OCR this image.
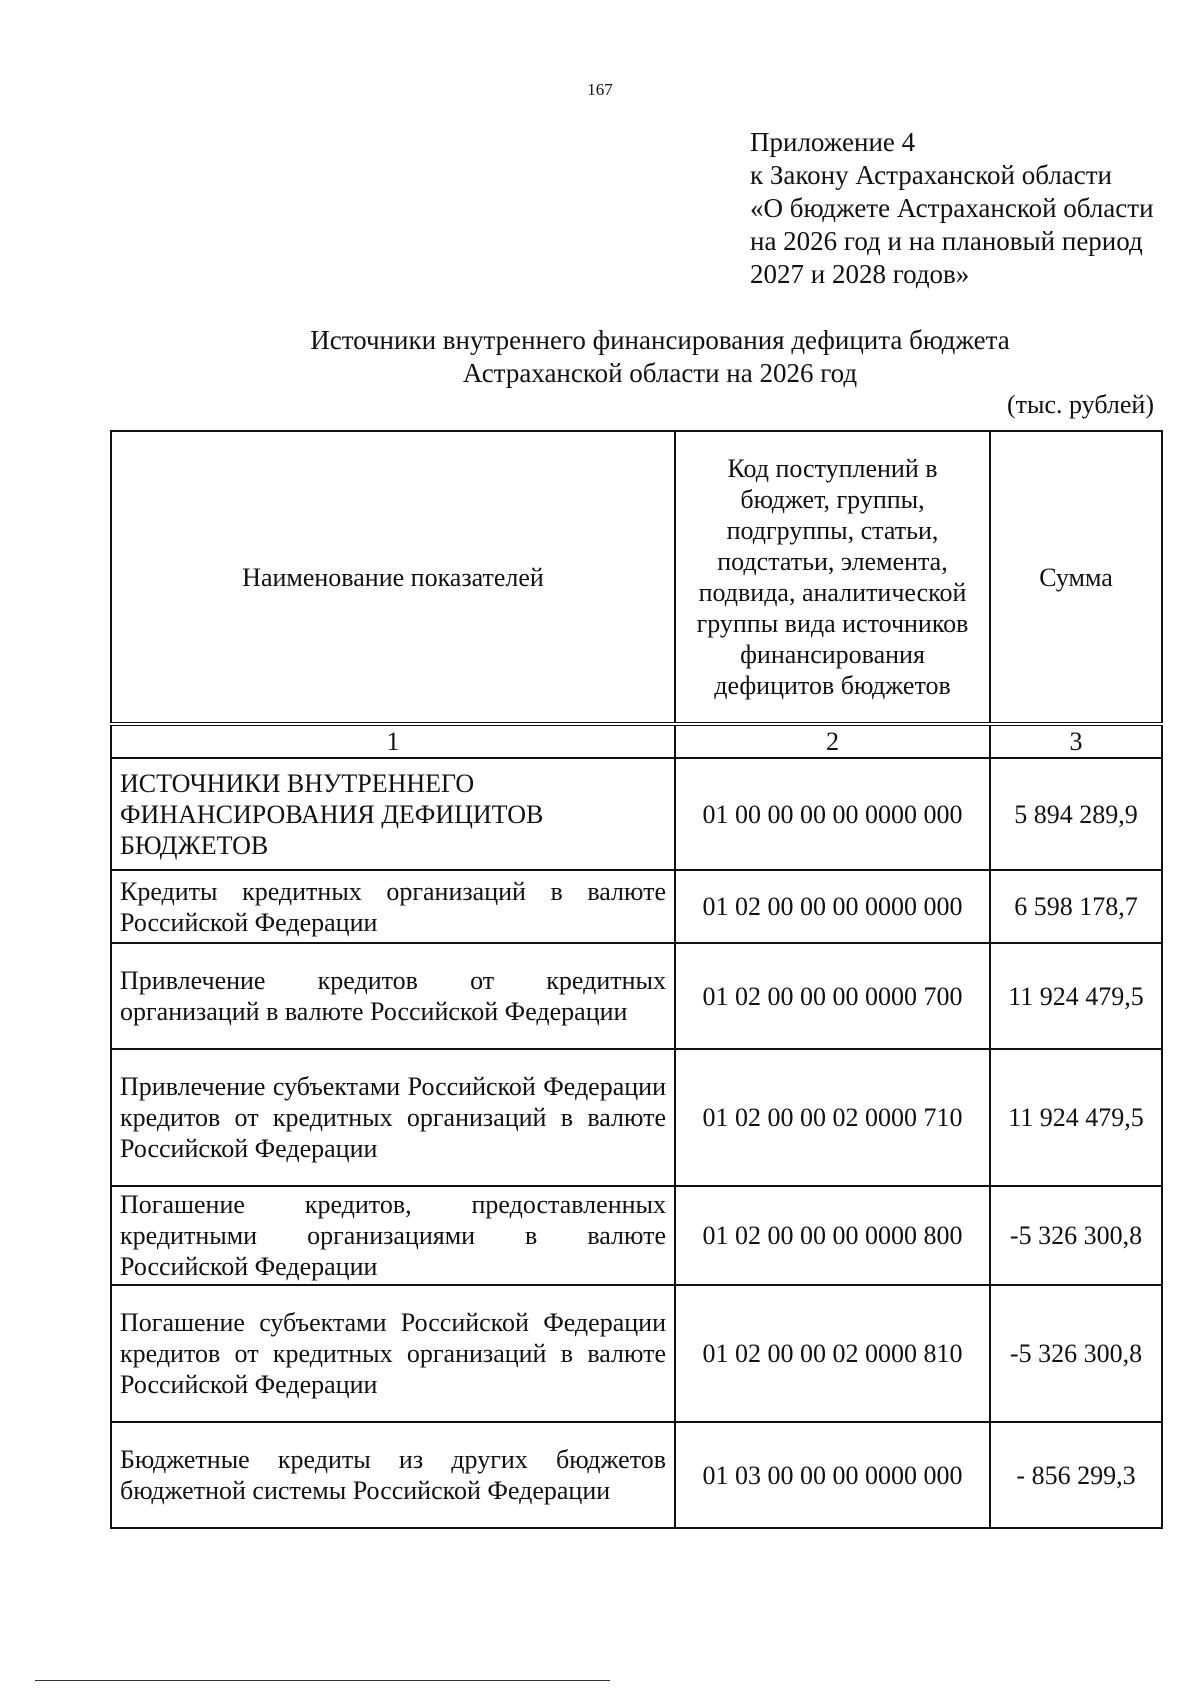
167
Приложение 4
к Закону Астраханской области
«О бюджете Астраханской области
на 2026 год и на плановый период
2027 и 2028 годов»
Источники внутреннего финансирования дефицита бюджета
Астраханской области на 2026 год
(тыс. рублей)
Наименование показателей	Код поступлений в бюджет, группы, подгруппы, статьи, подстатьи, элемента, подвида, аналитической группы вида источников финансирования дефицитов бюджетов	Сумма
1	2	3
ИСТОЧНИКИ ВНУТРЕННЕГО ФИНАНСИРОВАНИЯ ДЕФИЦИТОВ БЮДЖЕТОВ	01 00 00 00 00 0000 000	5 894 289,9
Кредиты кредитных организаций в валюте Российской Федерации	01 02 00 00 00 0000 000	6 598 178,7
Привлечение кредитов от кредитных организаций в валюте Российской Федерации	01 02 00 00 00 0000 700	11 924 479,5
Привлечение субъектами Российской Федерации кредитов от кредитных организаций в валюте Российской Федерации	01 02 00 00 02 0000 710	11 924 479,5
Погашение кредитов, предоставленных кредитными организациями в валюте Российской Федерации	01 02 00 00 00 0000 800	-5 326 300,8
Погашение субъектами Российской Федерации кредитов от кредитных организаций в валюте Российской Федерации	01 02 00 00 02 0000 810	-5 326 300,8
Бюджетные кредиты из других бюджетов бюджетной системы Российской Федерации	01 03 00 00 00 0000 000	- 856 299,3
